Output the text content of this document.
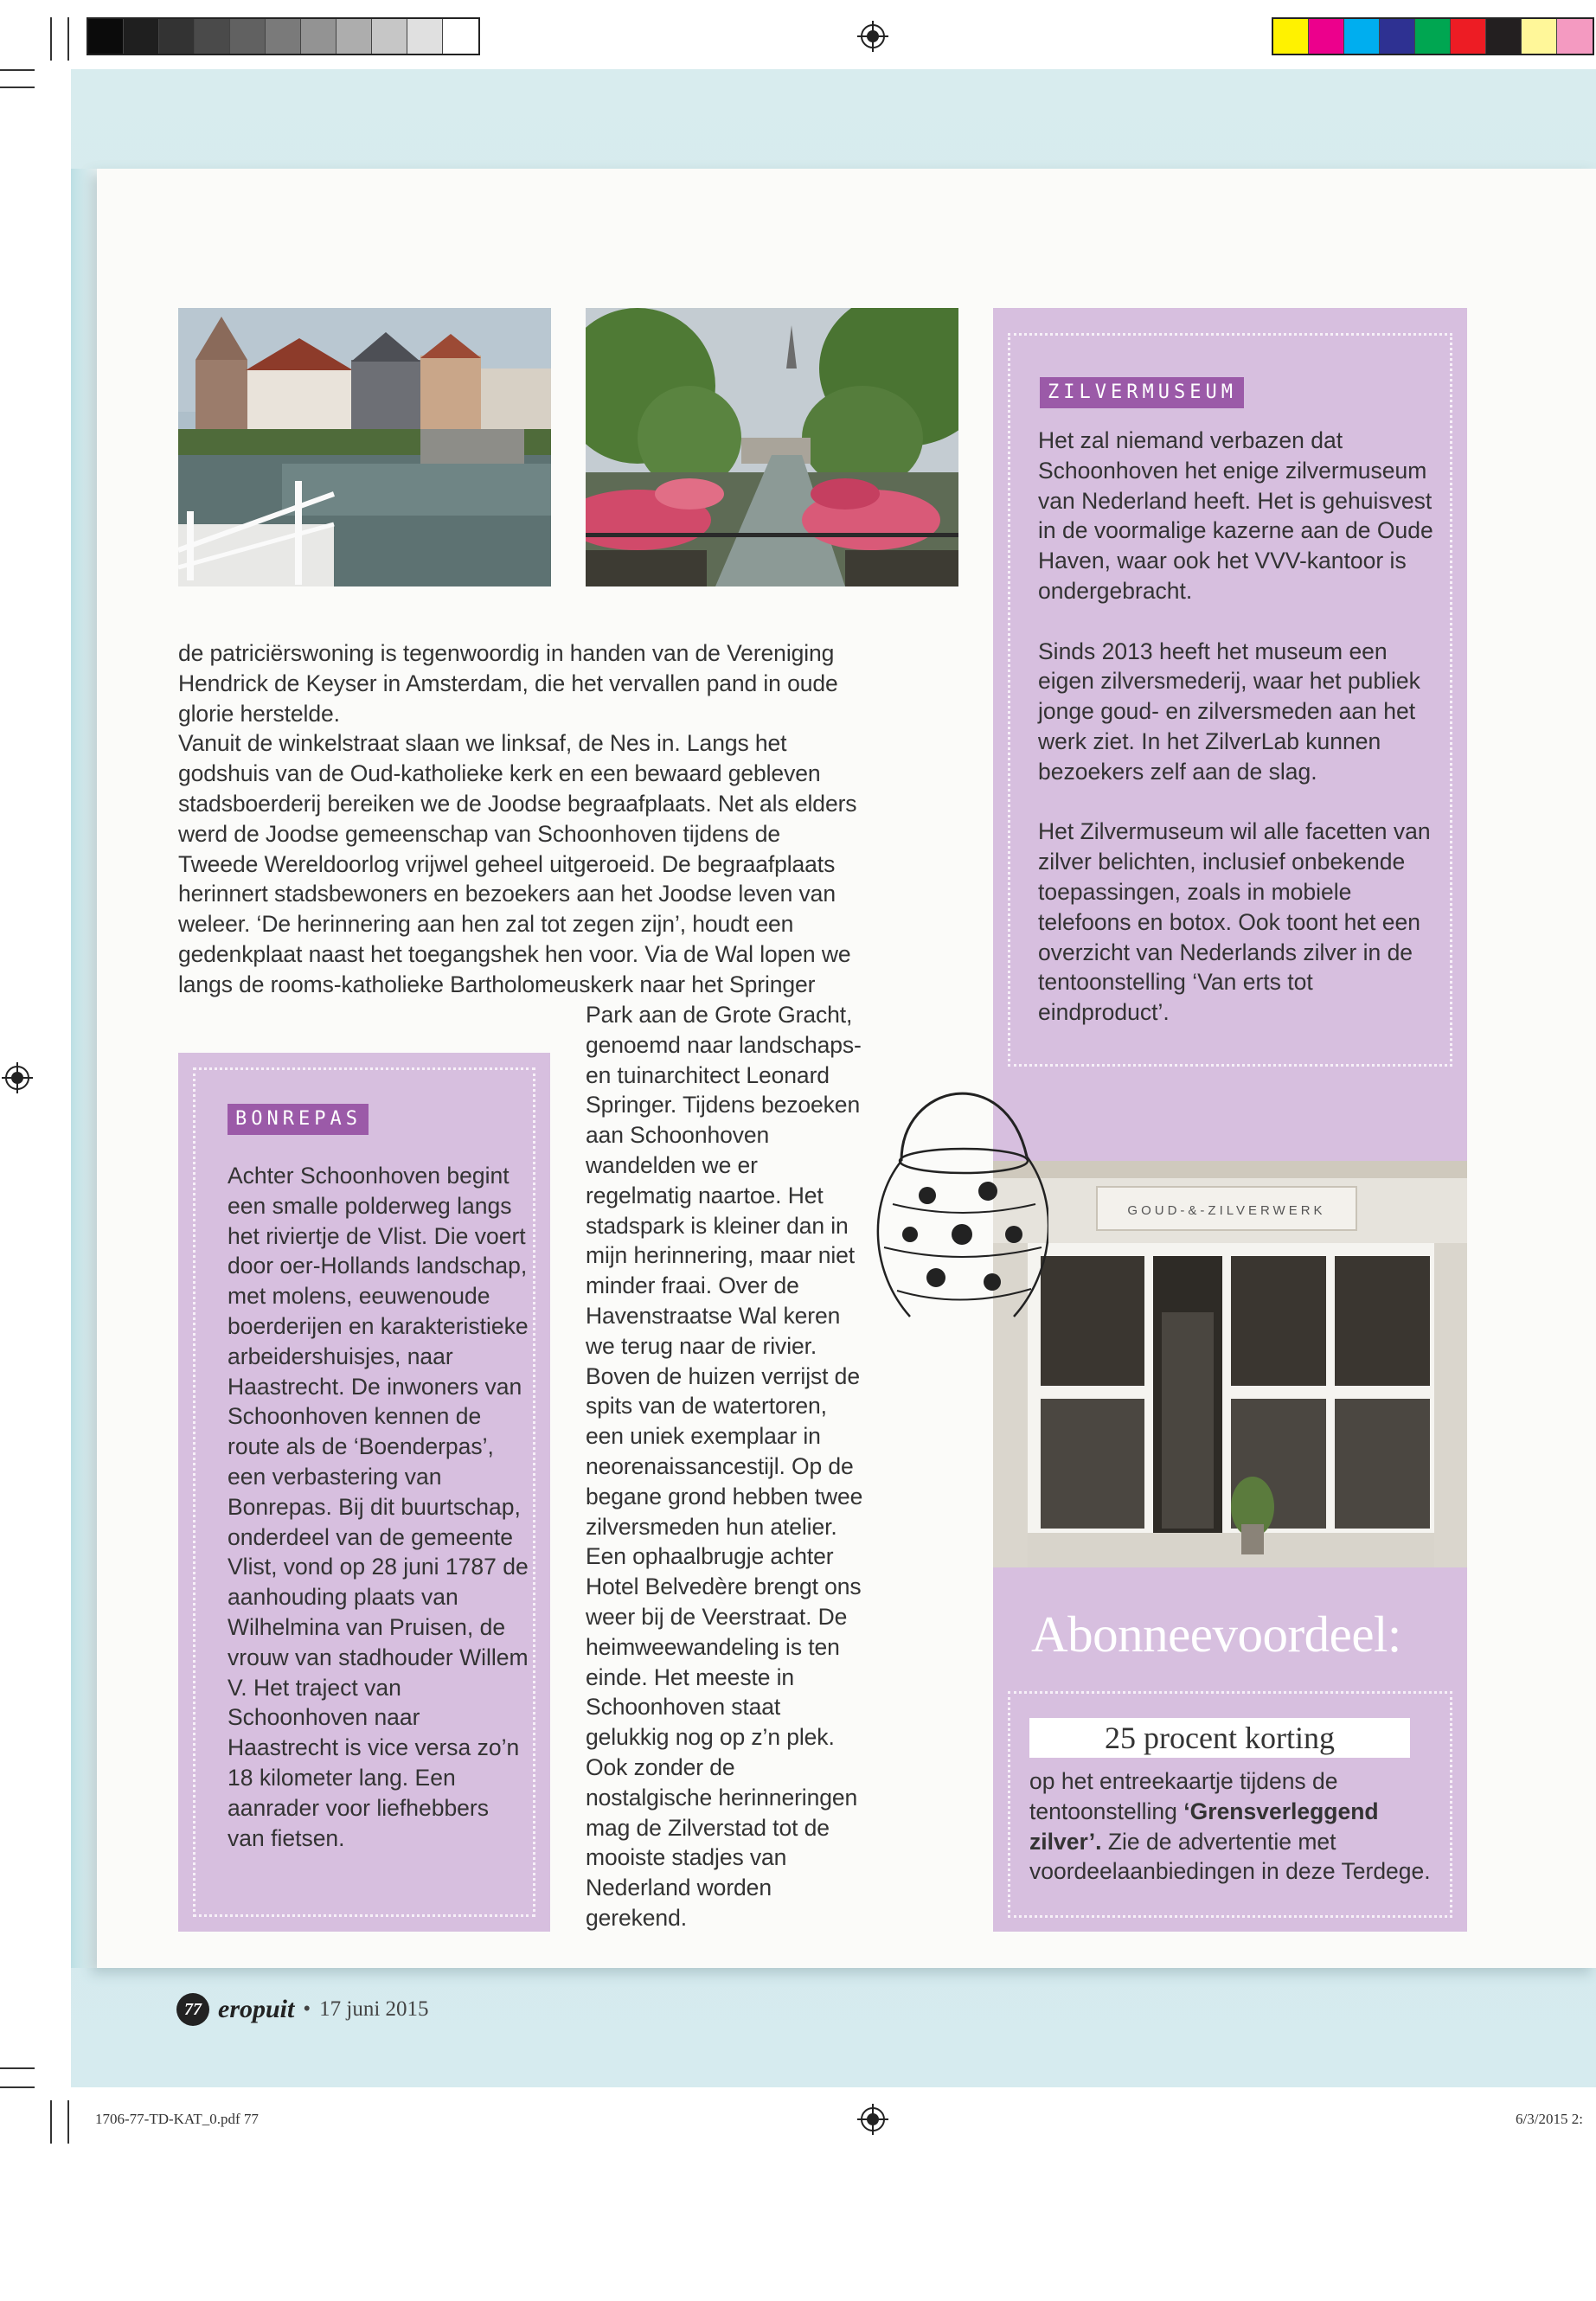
1706-77-TD-KAT_0.pdf 77	6/3/2015 2:

de patriciërswoning is tegenwoordig in handen van de Vereniging Hendrick de Keyser in Amsterdam, die het vervallen pand in oude glorie herstelde.

Vanuit de winkelstraat slaan we linksaf, de Nes in. Langs het godshuis van de Oud-katholieke kerk en een bewaard gebleven stadsboerderij bereiken we de Joodse begraafplaats. Net als elders werd de Joodse gemeenschap van Schoonhoven tijdens de Tweede Wereldoorlog vrijwel geheel uitgeroeid. De begraafplaats herinnert stadsbewoners en bezoekers aan het Joodse leven van weleer. ‘De herinnering aan hen zal tot zegen zijn’, houdt een gedenkplaat naast het toegangshek hen voor. Via de Wal lopen we langs de rooms-katholieke Bartholomeuskerk naar het Springer

Park aan de Grote Gracht, genoemd naar landschaps- en tuinarchitect Leonard Springer. Tijdens bezoeken aan Schoonhoven wandelden we er regelmatig naartoe. Het stadspark is kleiner dan in mijn herinnering, maar niet minder fraai. Over de Havenstraatse Wal keren we terug naar de rivier. Boven de huizen verrijst de spits van de watertoren, een uniek exemplaar in neorenaissancestijl. Op de begane grond hebben twee zilversmeden hun atelier. Een ophaalbrugje achter Hotel Belvedère brengt ons weer bij de Veerstraat. De heimweewandeling is ten einde. Het meeste in Schoonhoven staat gelukkig nog op z’n plek. Ook zonder de nostalgische herinneringen mag de Zilverstad tot de mooiste stadjes van Nederland worden gerekend.

BONREPAS

Achter Schoonhoven begint een smalle polderweg langs het riviertje de Vlist. Die voert door oer-Hollands landschap, met molens, eeuwenoude boerderijen en karakteristieke arbeidershuisjes, naar Haastrecht. De inwoners van Schoonhoven kennen de route als de ‘Boenderpas’, een verbastering van Bonrepas. Bij dit buurtschap, onderdeel van de gemeente Vlist, vond op 28 juni 1787 de aanhouding plaats van Wilhelmina van Pruisen, de vrouw van stadhouder Willem V. Het traject van Schoonhoven naar Haastrecht is vice versa zo’n 18 kilometer lang. Een aanrader voor liefhebbers van fietsen.

ZILVERMUSEUM

Het zal niemand verbazen dat Schoonhoven het enige zilvermuseum van Nederland heeft. Het is gehuisvest in de voormalige kazerne aan de Oude Haven, waar ook het VVV-kantoor is ondergebracht.

Sinds 2013 heeft het museum een eigen zilversmederij, waar het publiek jonge goud- en zilversmeden aan het werk ziet. In het ZilverLab kunnen bezoekers zelf aan de slag.

Het Zilvermuseum wil alle facetten van zilver belichten, inclusief onbekende toepassingen, zoals in mobiele telefoons en botox. Ook toont het een overzicht van Nederlands zilver in de tentoonstelling ‘Van erts tot eindproduct’.

GOUD-&-ZILVERWERK
Abonneevoordeel:
25 procent korting

op het entreekaartje tijdens de tentoonstelling ‘Grensverleggend zilver’. Zie de advertentie met voordeelaanbiedingen in deze Terdege.

77 eropuit • 17 juni 2015
